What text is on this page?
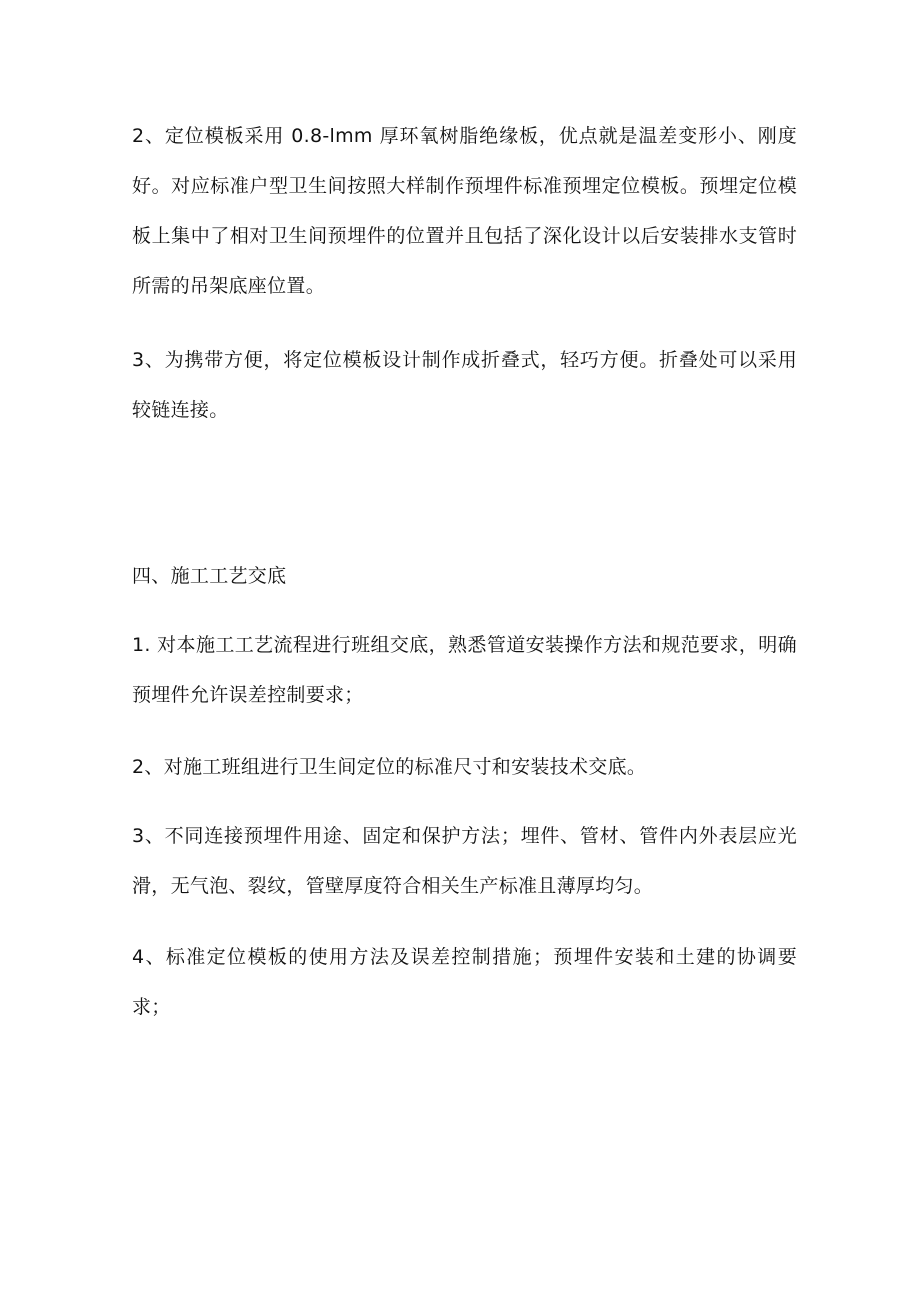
2、定位模板采用 0.8-lmm 厚环氧树脂绝缘板，优点就是温差变形小、刚度好。对应标准户型卫生间按照大样制作预埋件标准预埋定位模板。预埋定位模板上集中了相对卫生间预埋件的位置并且包括了深化设计以后安装排水支管时所需的吊架底座位置。

3、为携带方便，将定位模板设计制作成折叠式，轻巧方便。折叠处可以采用较链连接。

四、施工工艺交底

1. 对本施工工艺流程进行班组交底，熟悉管道安装操作方法和规范要求，明确预埋件允许误差控制要求；

2、对施工班组进行卫生间定位的标准尺寸和安装技术交底。

3、不同连接预埋件用途、固定和保护方法；埋件、管材、管件内外表层应光滑，无气泡、裂纹，管壁厚度符合相关生产标准且薄厚均匀。

4、标准定位模板的使用方法及误差控制措施；预埋件安装和土建的协调要求；
